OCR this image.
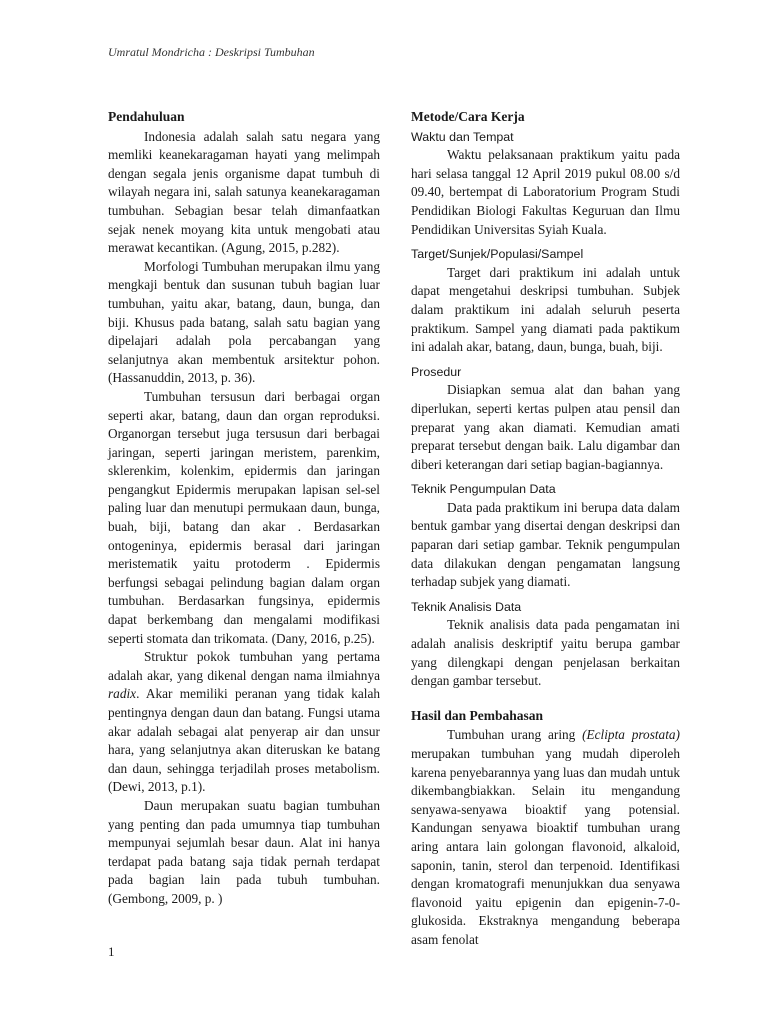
Umratul Mondricha : Deskripsi Tumbuhan
Pendahuluan

Indonesia adalah salah satu negara yang memliki keanekaragaman hayati yang melimpah dengan segala jenis organisme dapat tumbuh di wilayah negara ini, salah satunya keanekaragaman tumbuhan. Sebagian besar telah dimanfaatkan sejak nenek moyang kita untuk mengobati atau merawat kecantikan. (Agung, 2015, p.282).

Morfologi Tumbuhan merupakan ilmu yang mengkaji bentuk dan susunan tubuh bagian luar tumbuhan, yaitu akar, batang, daun, bunga, dan biji. Khusus pada batang, salah satu bagian yang dipelajari adalah pola percabangan yang selanjutnya akan membentuk arsitektur pohon. (Hassanuddin, 2013, p. 36).

Tumbuhan tersusun dari berbagai organ seperti akar, batang, daun dan organ reproduksi. Organorgan tersebut juga tersusun dari berbagai jaringan, seperti jaringan meristem, parenkim, sklerenkim, kolenkim, epidermis dan jaringan pengangkut Epidermis merupakan lapisan sel-sel paling luar dan menutupi permukaan daun, bunga, buah, biji, batang dan akar . Berdasarkan ontogeninya, epidermis berasal dari jaringan meristematik yaitu protoderm . Epidermis berfungsi sebagai pelindung bagian dalam organ tumbuhan. Berdasarkan fungsinya, epidermis dapat berkembang dan mengalami modifikasi seperti stomata dan trikomata. (Dany, 2016, p.25).

Struktur pokok tumbuhan yang pertama adalah akar, yang dikenal dengan nama ilmiahnya radix. Akar memiliki peranan yang tidak kalah pentingnya dengan daun dan batang. Fungsi utama akar adalah sebagai alat penyerap air dan unsur hara, yang selanjutnya akan diteruskan ke batang dan daun, sehingga terjadilah proses metabolism. (Dewi, 2013, p.1).

Daun merupakan suatu bagian tumbuhan yang penting dan pada umumnya tiap tumbuhan mempunyai sejumlah besar daun. Alat ini hanya terdapat pada batang saja tidak pernah terdapat pada bagian lain pada tubuh tumbuhan. (Gembong, 2009, p. )

Metode/Cara Kerja
Waktu dan Tempat

Waktu pelaksanaan praktikum yaitu pada hari selasa tanggal 12 April 2019 pukul 08.00 s/d 09.40, bertempat di Laboratorium Program Studi Pendidikan Biologi Fakultas Keguruan dan Ilmu Pendidikan Universitas Syiah Kuala.

Target/Sunjek/Populasi/Sampel

Target dari praktikum ini adalah untuk dapat mengetahui deskripsi tumbuhan. Subjek dalam praktikum ini adalah seluruh peserta praktikum. Sampel yang diamati pada paktikum ini adalah akar, batang, daun, bunga, buah, biji.

Prosedur

Disiapkan semua alat dan bahan yang diperlukan, seperti kertas pulpen atau pensil dan preparat yang akan diamati. Kemudian amati preparat tersebut dengan baik. Lalu digambar dan diberi keterangan dari setiap bagian-bagiannya.

Teknik Pengumpulan Data

Data pada praktikum ini berupa data dalam bentuk gambar yang disertai dengan deskripsi dan paparan dari setiap gambar. Teknik pengumpulan data dilakukan dengan pengamatan langsung terhadap subjek yang diamati.

Teknik Analisis Data

Teknik analisis data pada pengamatan ini adalah analisis deskriptif yaitu berupa gambar yang dilengkapi dengan penjelasan berkaitan dengan gambar tersebut.

Hasil dan Pembahasan

Tumbuhan urang aring (Eclipta prostata) merupakan tumbuhan yang mudah diperoleh karena penyebarannya yang luas dan mudah untuk dikembangbiakkan. Selain itu mengandung senyawa-senyawa bioaktif yang potensial. Kandungan senyawa bioaktif tumbuhan urang aring antara lain golongan flavonoid, alkaloid, saponin, tanin, sterol dan terpenoid. Identifikasi dengan kromatografi menunjukkan dua senyawa flavonoid yaitu epigenin dan epigenin-7-0-glukosida. Ekstraknya mengandung beberapa asam fenolat

1
